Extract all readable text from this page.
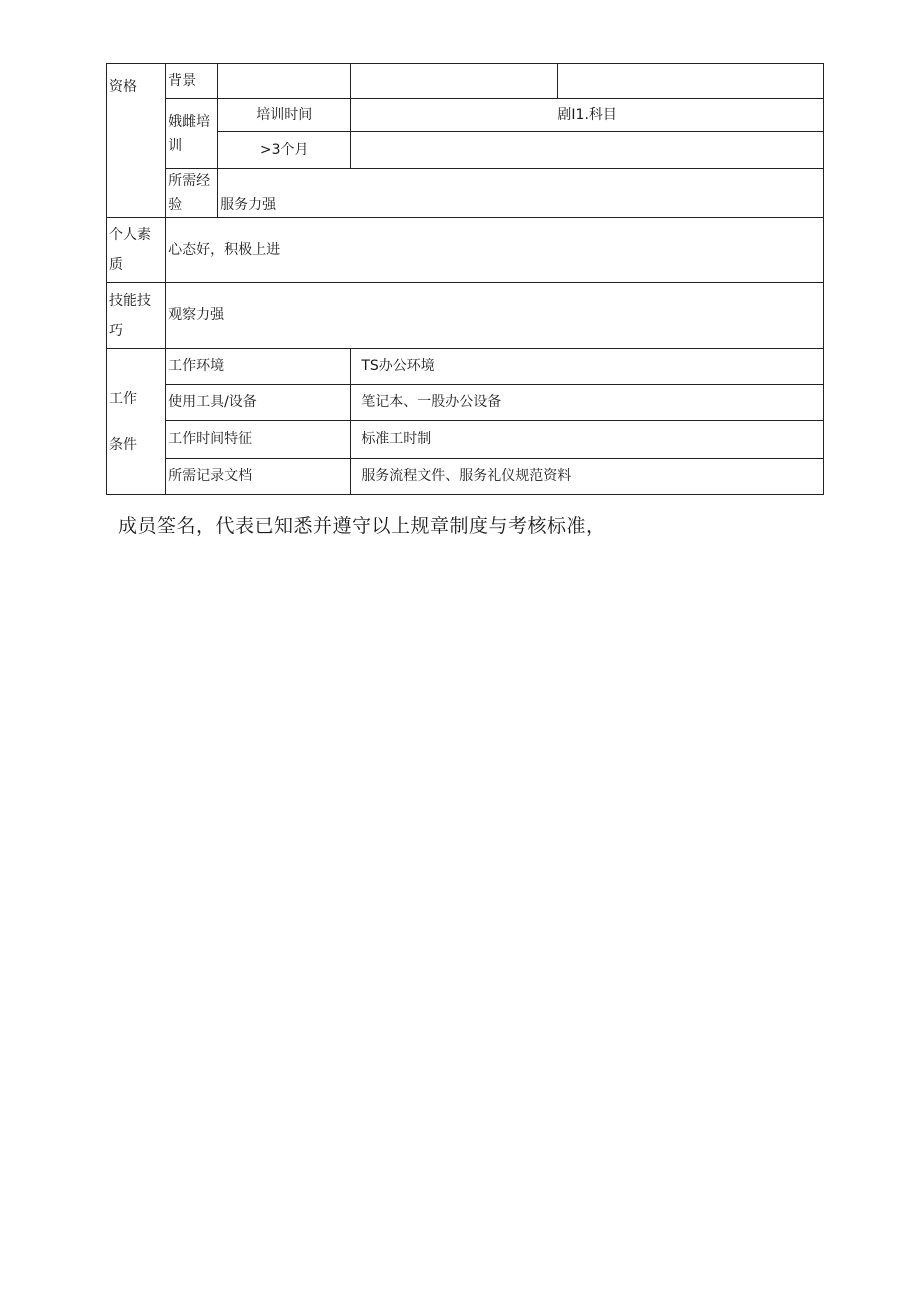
资格	背景			

	娥雌培训	培训时间	剧I1.科目	
		>3个月		

	所需经验	服务力强		

个人素质	心态好，积极上进			

技能技巧	观察力强			

工作条件	工作环境		TS办公环境	
	使用工具/设备		笔记本、一股办公设备	
	工作时间特征		标准工时制	
	所需记录文档		服务流程文件、服务礼仪规范资料	
成员筌名，代表已知悉并遵守以上规章制度与考核标准，
